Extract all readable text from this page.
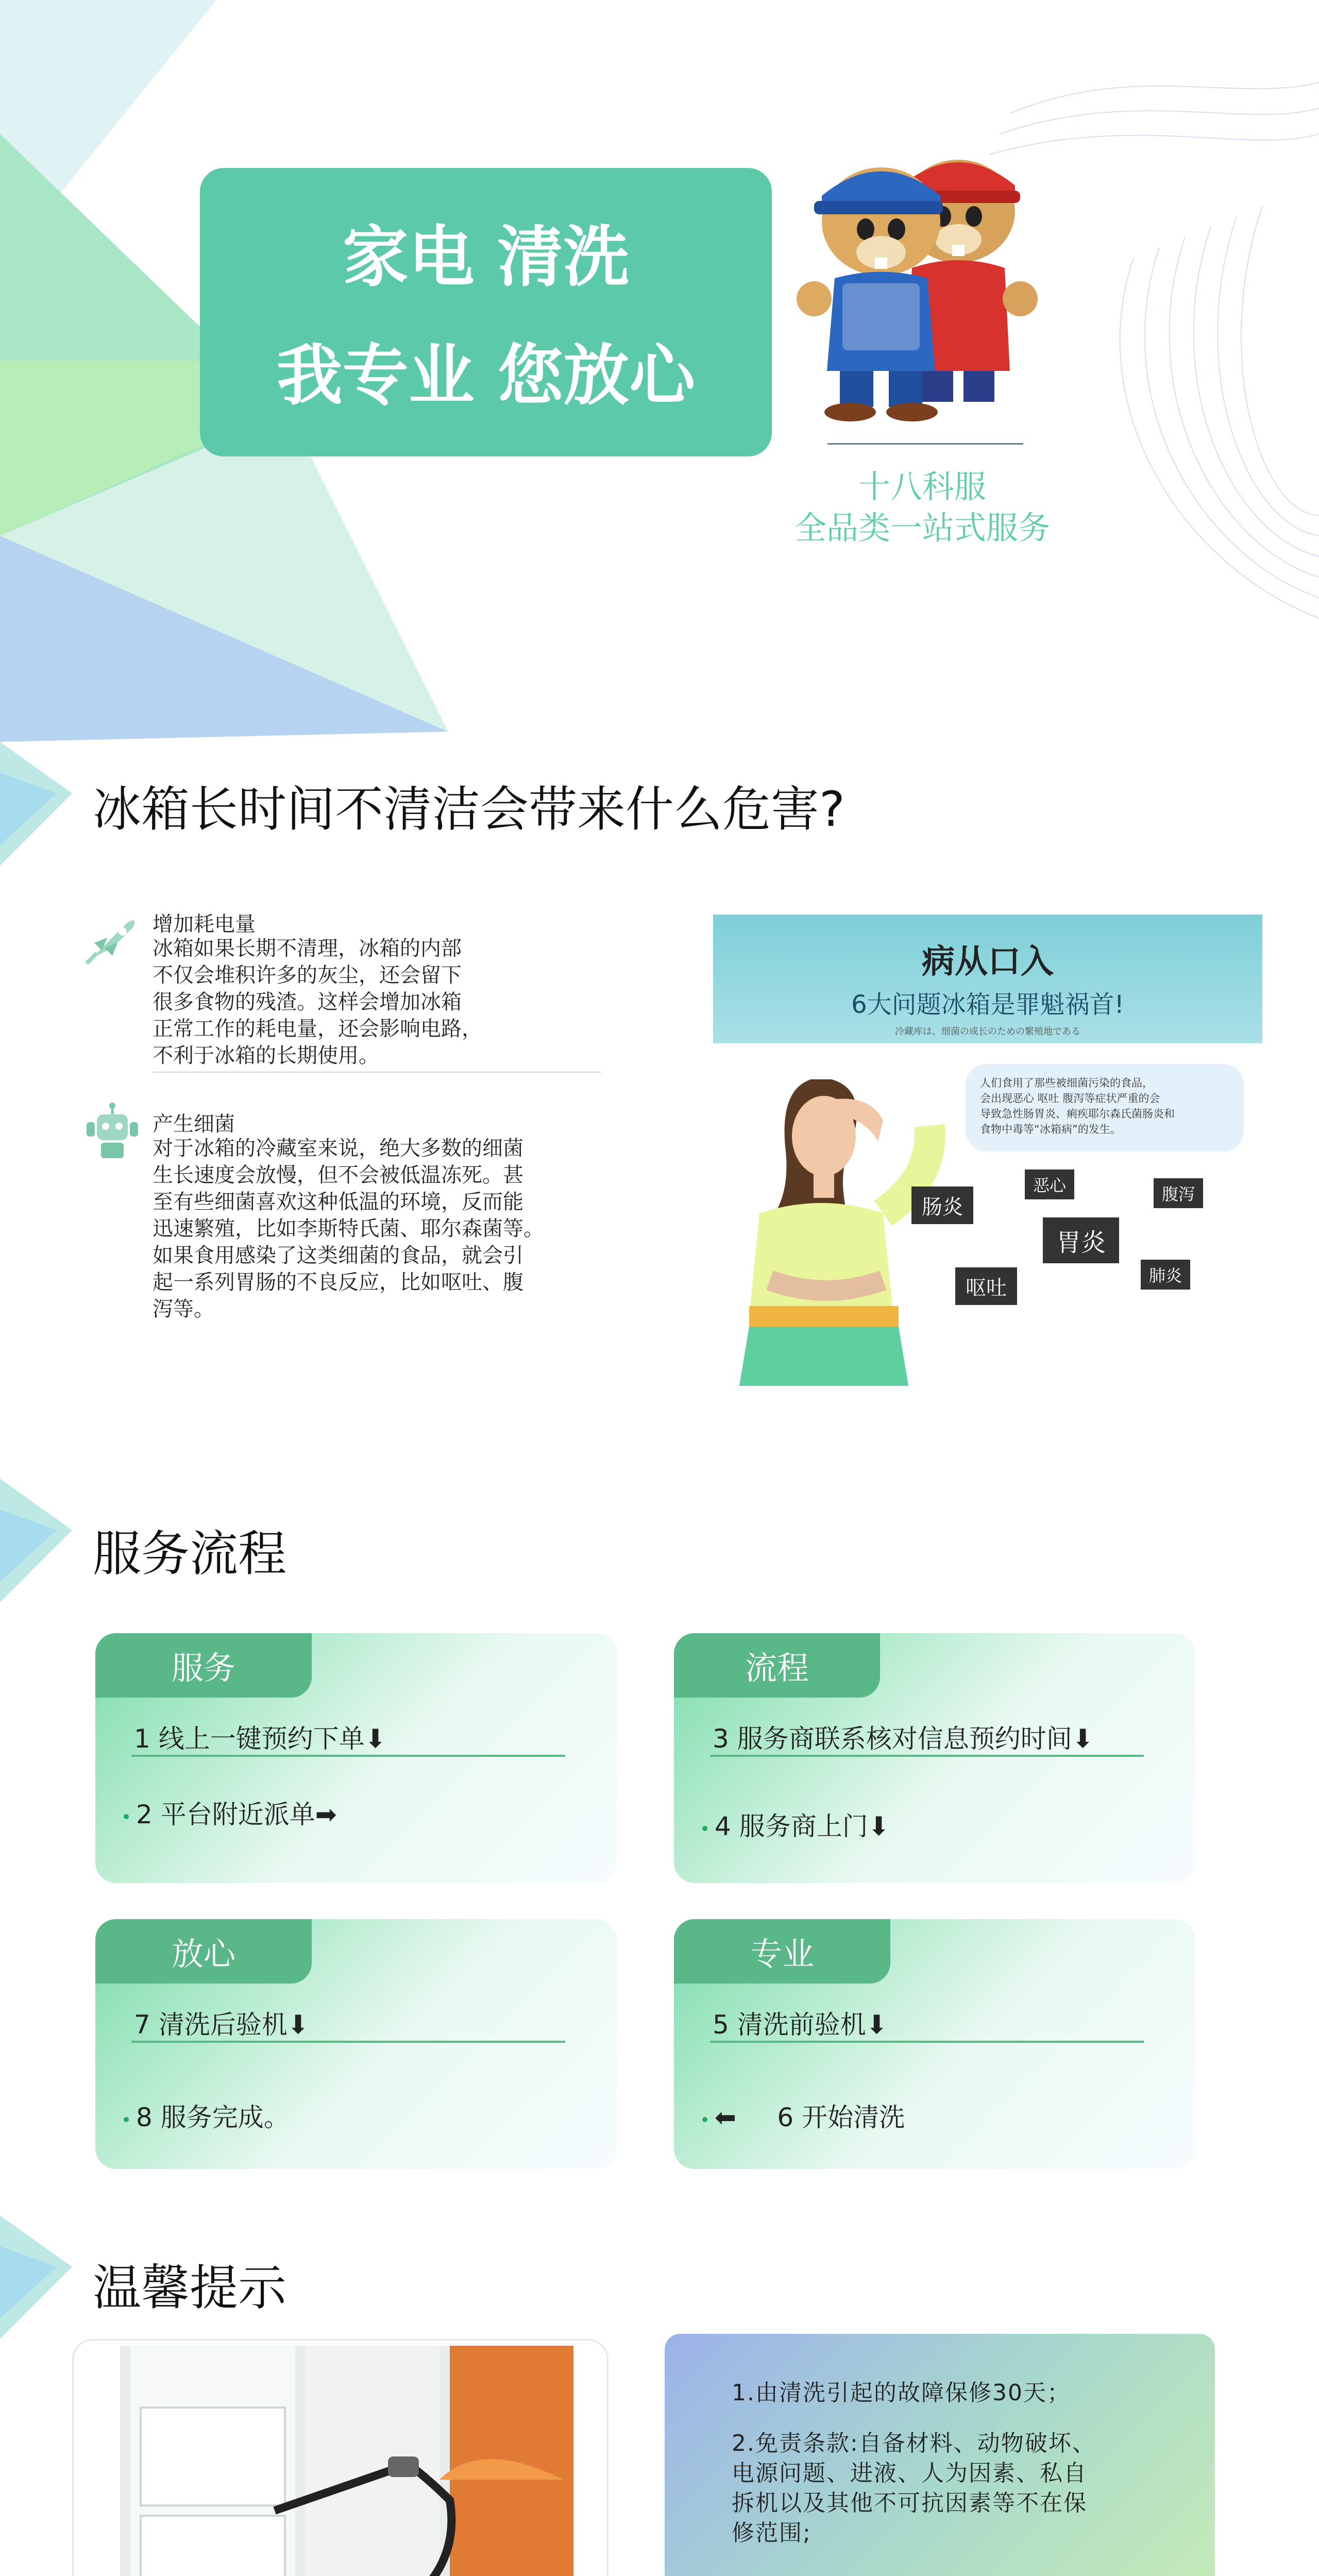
家电 清洗
我专业 您放心
十八科服
全品类一站式服务
冰箱长时间不清洁会带来什么危害?
增加耗电量
冰箱如果长期不清理，冰箱的内部
不仅会堆积许多的灰尘，还会留下
很多食物的残渣。这样会增加冰箱
正常工作的耗电量，还会影响电路，
不利于冰箱的长期使用。
产生细菌
对于冰箱的冷藏室来说，绝大多数的细菌
生长速度会放慢，但不会被低温冻死。甚
至有些细菌喜欢这种低温的环境，反而能
迅速繁殖，比如李斯特氏菌、耶尔森菌等。
如果食用感染了这类细菌的食品，就会引
起一系列胃肠的不良反应，比如呕吐、腹
泻等。
病从口入
6大问题冰箱是罪魁祸首!
冷藏库は、细菌の成长のための繁殖地である
人们食用了那些被细菌污染的食品，
会出现恶心 呕吐 腹泻等症状严重的会
导致急性肠胃炎、痢疾耶尔森氏菌肠炎和
食物中毒等“冰箱病”的发生。
恶心	腹泻
肠炎
胃炎
呕吐
肺炎
服务流程
服务
1 线上一键预约下单⬇
2 平台附近派单➡
流程
3 服务商联系核对信息预约时间⬇
4 服务商上门⬇
放心
7 清洗后验机⬇
8 服务完成。
专业
5 清洗前验机⬇
⬅     6 开始清洗
温馨提示
1.由清洗引起的故障保修30天；
2.免责条款:自备材料、动物破坏、
电源问题、进液、人为因素、私自
拆机以及其他不可抗因素等不在保
修范围;
